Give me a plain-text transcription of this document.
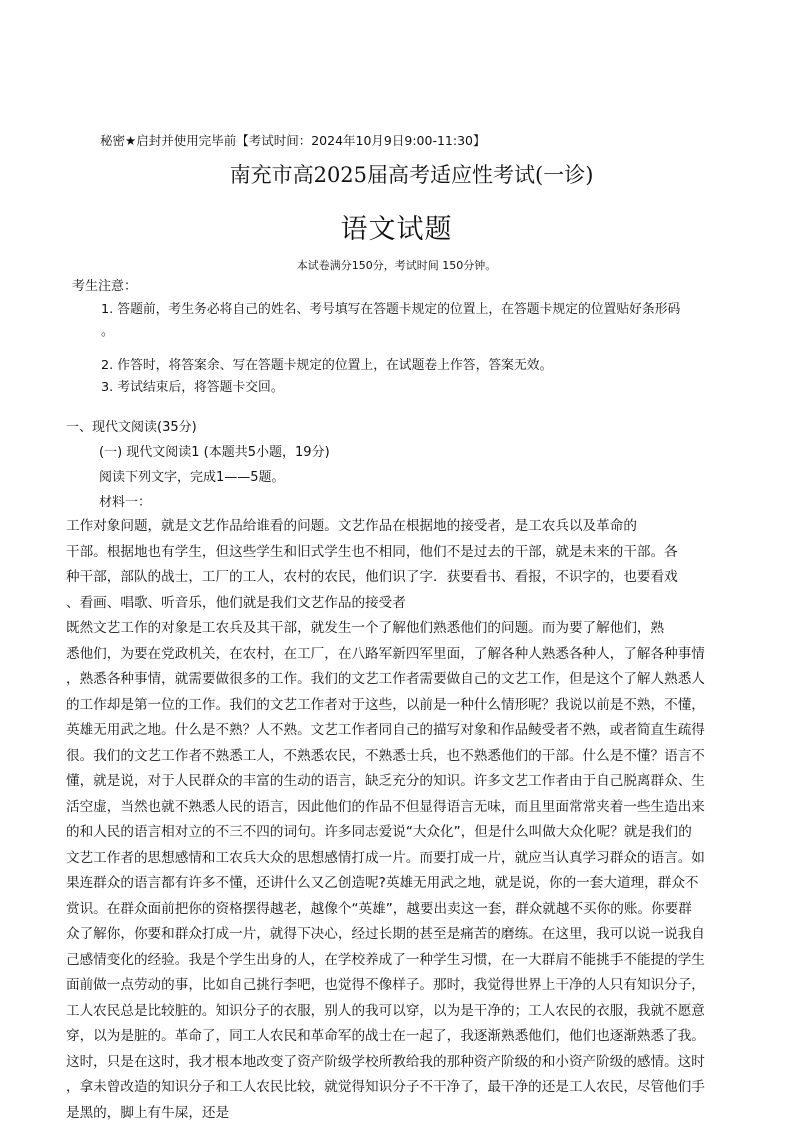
秘密★启封并使用完毕前【考试时间：2024年10月9日9:00-11:30】
南充市高2025届高考适应性考试(一诊)
语文试题
本试卷满分150分，考试时间 150分钟。
考生注意：
1. 答题前，考生务必将自己的姓名、考号填写在答题卡规定的位置上，在答题卡规定的位置贴好条形码
。
2. 作答时，将答案余、写在答题卡规定的位置上，在试题卷上作答，答案无效。
3. 考试结束后，将答题卡交回。
一、现代文阅读(35分)
(一) 现代文阅读1 (本题共5小题，19分)
阅读下列文字，完成1——5题。
材料一：
工作对象问题，就是文艺作品给谁看的问题。文艺作品在根据地的接受者，是工农兵以及革命的
干部。根据地也有学生，但这些学生和旧式学生也不相同，他们不是过去的干部，就是未来的干部。各
种干部，部队的战士，工厂的工人，农村的农民，他们识了字．获要看书、看报，不识字的，也要看戏
、看画、唱歌、听音乐，他们就是我们文艺作品的接受者
既然文艺工作的对象是工农兵及其干部，就发生一个了解他们熟悉他们的问题。而为要了解他们，熟
悉他们，为要在党政机关，在农村，在工厂，在八路军新四军里面，了解各种人熟悉各种人，了解各种事情
，熟悉各种事情，就需要做很多的工作。我们的文艺工作者需要做自己的文艺工作，但是这个了解人熟悉人
的工作却是第一位的工作。我们的文艺工作者对于这些，以前是一种什么情形呢？我说以前是不熟，不懂，
英雄无用武之地。什么是不熟？人不熟。文艺工作者同自己的描写对象和作品鲮受者不熟，或者简直生疏得
很。我们的文艺工作者不熟悉工人，不熟悉农民，不熟悉士兵，也不熟悉他们的干部。什么是不懂？语言不
懂，就是说，对于人民群众的丰富的生动的语言，缺乏充分的知识。许多文艺工作者由于自己脱离群众、生
活空虚，当然也就不熟悉人民的语言，因此他们的作品不但显得语言无味，而且里面常常夹着一些生造出来
的和人民的语言相对立的不三不四的词句。许多同志爱说“大众化”，但是什么叫做大众化呢？就是我们的
文艺工作者的思想感情和工农兵大众的思想感情打成一片。而要打成一片，就应当认真学习群众的语言。如
果连群众的语言都有许多不懂，还讲什么又乙创造呢?英雄无用武之地，就是说，你的一套大道理，群众不
赏识。在群众面前把你的资格摆得越老，越像个“英雄”，越要出卖这一套，群众就越不买你的账。你要群
众了解你，你要和群众打成一片，就得下决心，经过长期的甚至是痛苦的磨练。在这里，我可以说一说我自
己感情变化的经验。我是个学生出身的人，在学校养成了一种学生习惯，在一大群肩不能挑手不能提的学生
面前做一点劳动的事，比如自己挑行李吧，也觉得不像样子。那时，我觉得世界上干净的人只有知识分子，
工人农民总是比较脏的。知识分子的衣服，别人的我可以穿，以为是干净的；工人农民的衣服，我就不愿意
穿，以为是脏的。革命了，同工人农民和革命军的战士在一起了，我逐渐熟悉他们，他们也逐渐熟悉了我。
这时，只是在这时，我才根本地改变了资产阶级学校所教给我的那种资产阶级的和小资产阶级的感情。这时
，拿未曾改造的知识分子和工人农民比较，就觉得知识分子不干净了，最干净的还是工人农民，尽管他们手
是黑的，脚上有牛屎，还是
